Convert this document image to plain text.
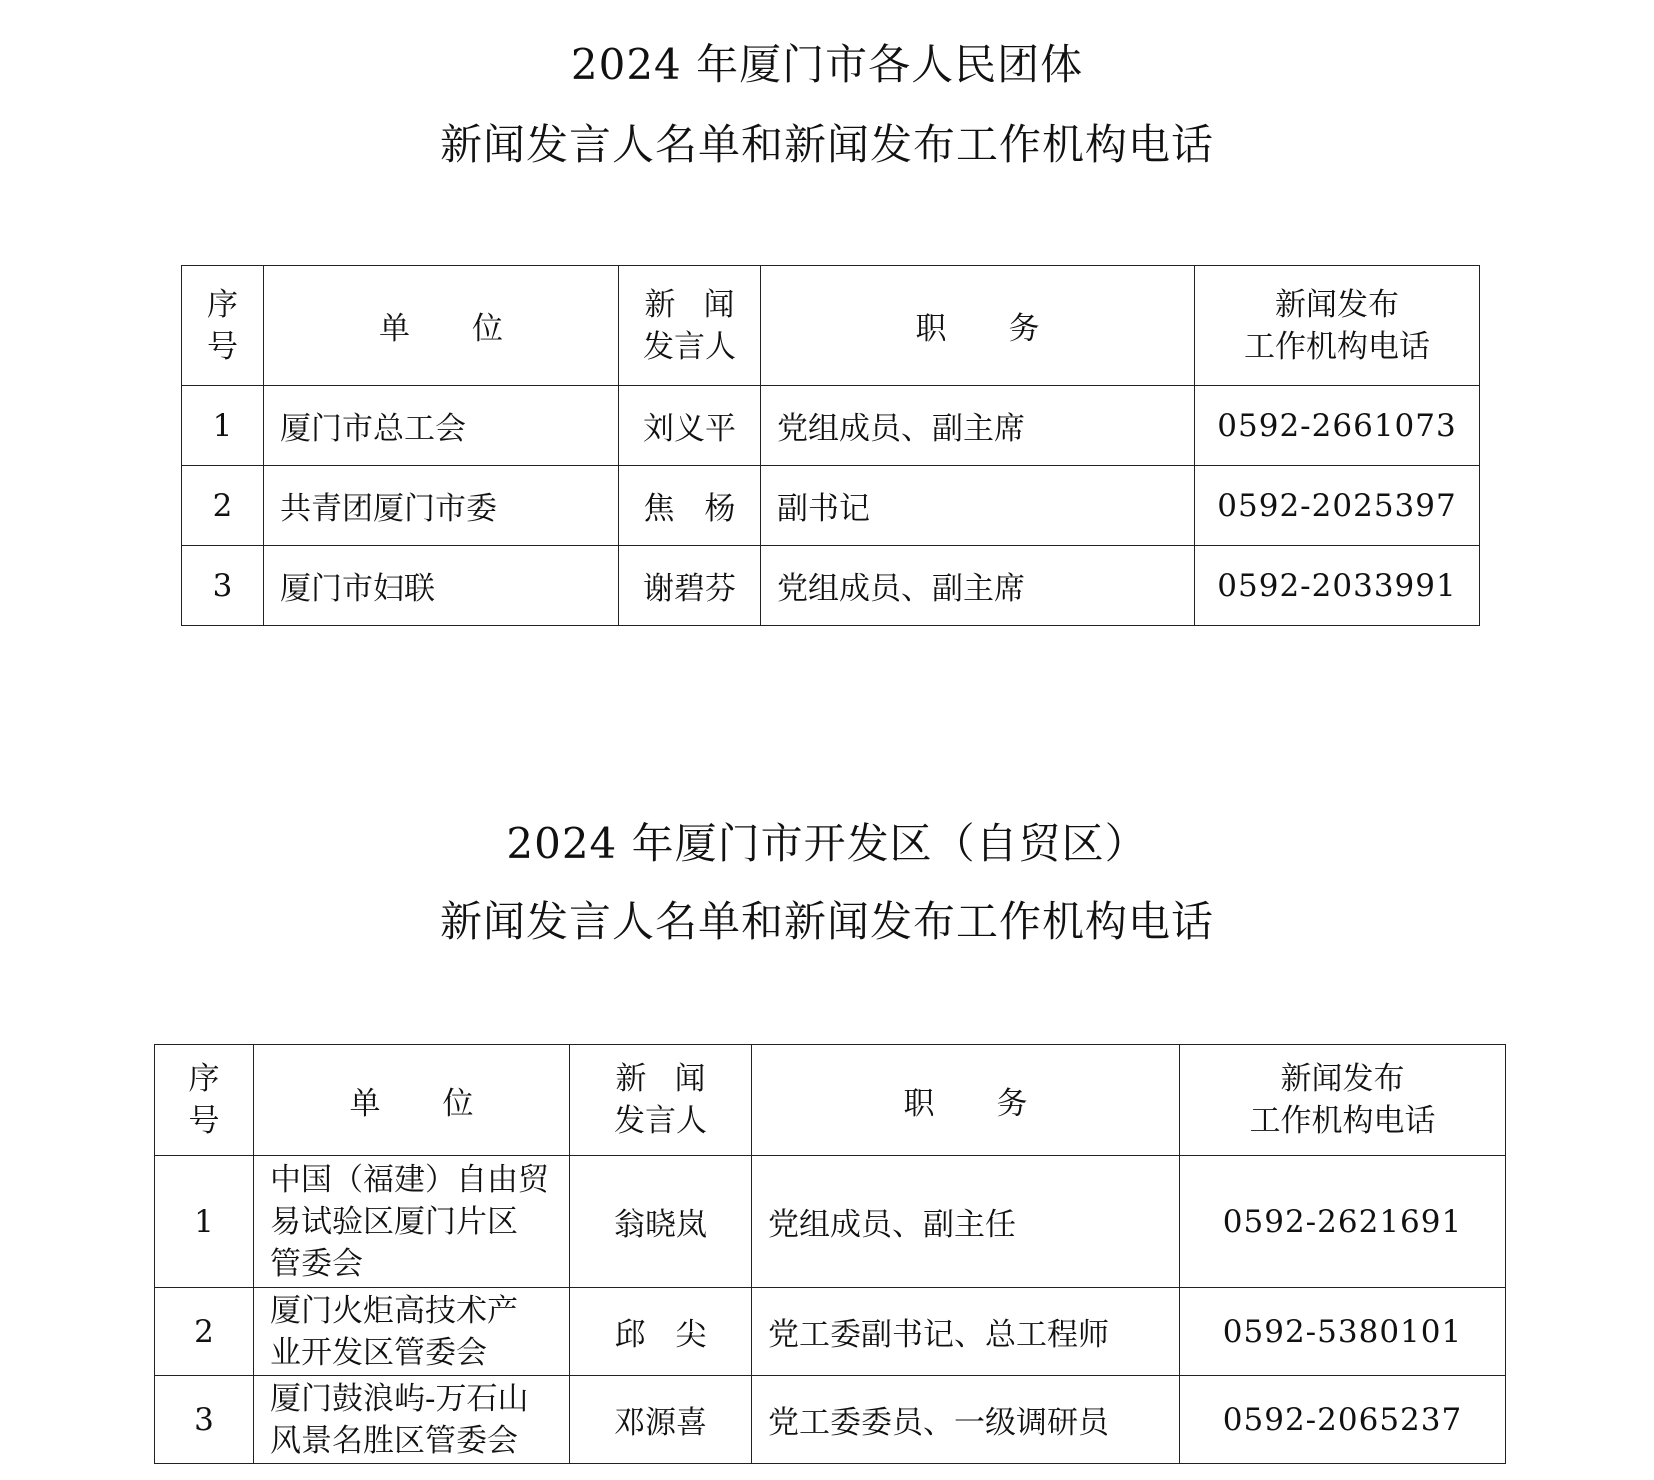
2024 年厦门市各人民团体
新闻发言人名单和新闻发布工作机构电话
序
号	单位	新闻
发言人	职务	新闻发布
工作机构电话

1	厦门市总工会	刘义平	党组成员、副主席	0592-2661073
2	共青团厦门市委	焦杨	副书记	0592-2025397
3	厦门市妇联	谢碧芬	党组成员、副主席	0592-2033991
2024 年厦门市开发区（自贸区）
新闻发言人名单和新闻发布工作机构电话
序
号	单位	新闻
发言人	职务	新闻发布
工作机构电话

1	中国（福建）自由贸
易试验区厦门片区
管委会	翁晓岚	党组成员、副主任	0592-2621691
2	厦门火炬高技术产
业开发区管委会	邱尖	党工委副书记、总工程师	0592-5380101
3	厦门鼓浪屿-万石山
风景名胜区管委会	邓源喜	党工委委员、一级调研员	0592-2065237
